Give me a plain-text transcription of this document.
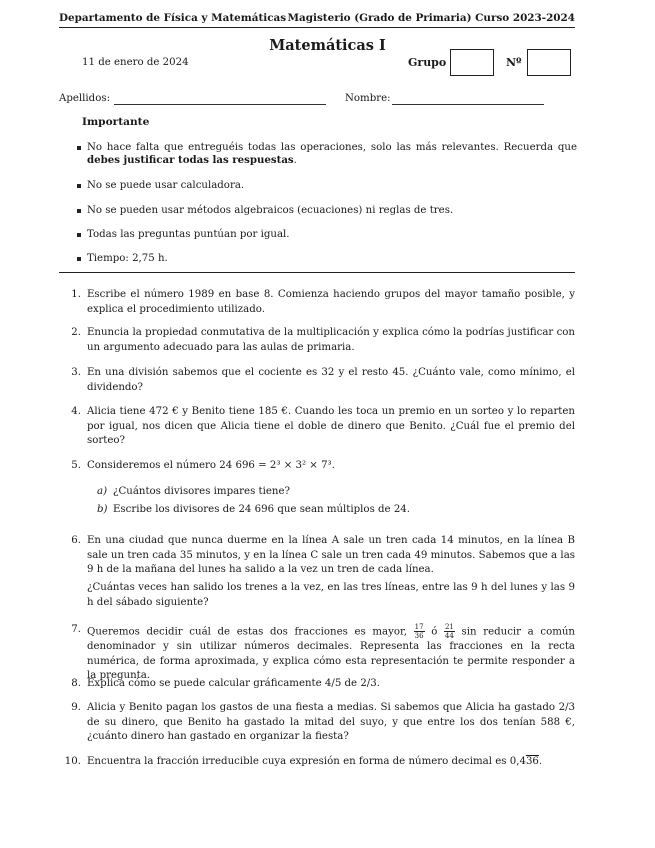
Departamento de Física y Matemáticas Magisterio (Grado de Primaria) Curso 2023-2024
Matemáticas I
11 de enero de 2024	Grupo	Nº
Apellidos:	Nombre:
Importante
No hace falta que entreguéis todas las operaciones, solo las más relevantes. Recuerda que debes justificar todas las respuestas.
No se puede usar calculadora.
No se pueden usar métodos algebraicos (ecuaciones) ni reglas de tres.
Todas las preguntas puntúan por igual.
Tiempo: 2,75 h.
1. Escribe el número 1989 en base 8. Comienza haciendo grupos del mayor tamaño posible, y explica el procedimiento utilizado.
2. Enuncia la propiedad conmutativa de la multiplicación y explica cómo la podrías justificar con un argumento adecuado para las aulas de primaria.
3. En una división sabemos que el cociente es 32 y el resto 45. ¿Cuánto vale, como mínimo, el dividendo?
4. Alicia tiene 472 € y Benito tiene 185 €. Cuando les toca un premio en un sorteo y lo reparten por igual, nos dicen que Alicia tiene el doble de dinero que Benito. ¿Cuál fue el premio del sorteo?
5. Consideremos el número 24 696 = 2³ × 3² × 7³.
a) ¿Cuántos divisores impares tiene?
b) Escribe los divisores de 24 696 que sean múltiplos de 24.
6. En una ciudad que nunca duerme en la línea A sale un tren cada 14 minutos, en la línea B sale un tren cada 35 minutos, y en la línea C sale un tren cada 49 minutos. Sabemos que a las 9 h de la mañana del lunes ha salido a la vez un tren de cada línea.
¿Cuántas veces han salido los trenes a la vez, en las tres líneas, entre las 9 h del lunes y las 9 h del sábado siguiente?
7. Queremos decidir cuál de estas dos fracciones es mayor, $\frac{17}{36}$ ó $\frac{21}{44}$ sin reducir a común denominador y sin utilizar números decimales. Representa las fracciones en la recta numérica, de forma aproximada, y explica cómo esta representación te permite responder a la pregunta.
8. Explica cómo se puede calcular gráficamente 4/5 de 2/3.
9. Alicia y Benito pagan los gastos de una fiesta a medias. Si sabemos que Alicia ha gastado 2/3 de su dinero, que Benito ha gastado la mitad del suyo, y que entre los dos tenían 588 €, ¿cuánto dinero han gastado en organizar la fiesta?
10. Encuentra la fracción irreducible cuya expresión en forma de número decimal es 0,436.
